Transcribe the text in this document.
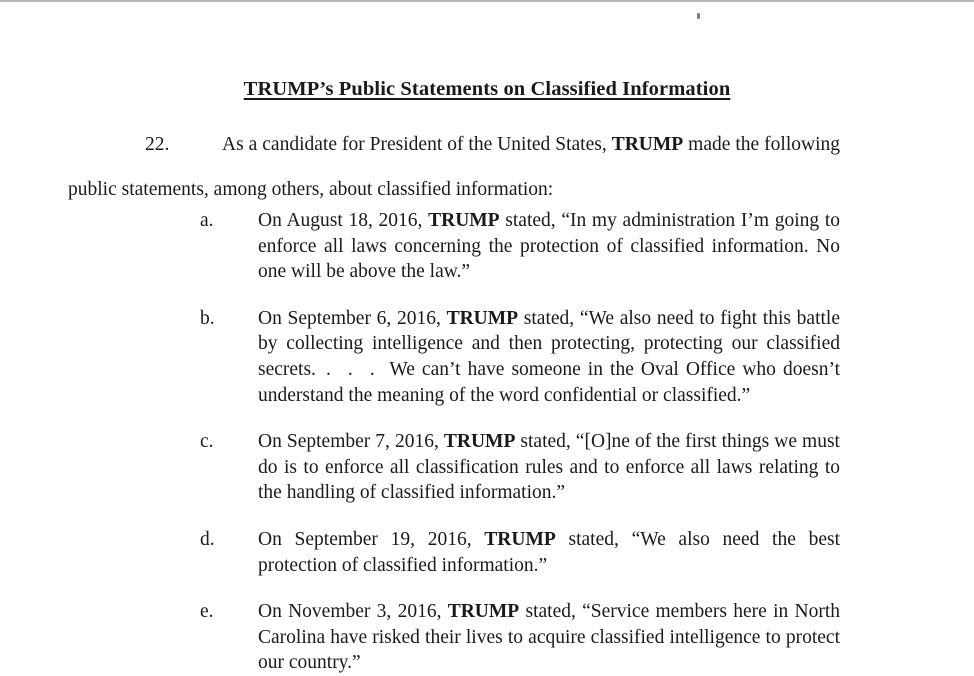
TRUMP’s Public Statements on Classified Information
22.	As a candidate for President of the United States, TRUMP made the following public statements, among others, about classified information:
a.	On August 18, 2016, TRUMP stated, “In my administration I’m going to enforce all laws concerning the protection of classified information. No one will be above the law.”
b.	On September 6, 2016, TRUMP stated, “We also need to fight this battle by collecting intelligence and then protecting, protecting our classified secrets. . . . We can’t have someone in the Oval Office who doesn’t understand the meaning of the word confidential or classified.”
c.	On September 7, 2016, TRUMP stated, “[O]ne of the first things we must do is to enforce all classification rules and to enforce all laws relating to the handling of classified information.”
d.	On September 19, 2016, TRUMP stated, “We also need the best protection of classified information.”
e.	On November 3, 2016, TRUMP stated, “Service members here in North Carolina have risked their lives to acquire classified intelligence to protect our country.”
